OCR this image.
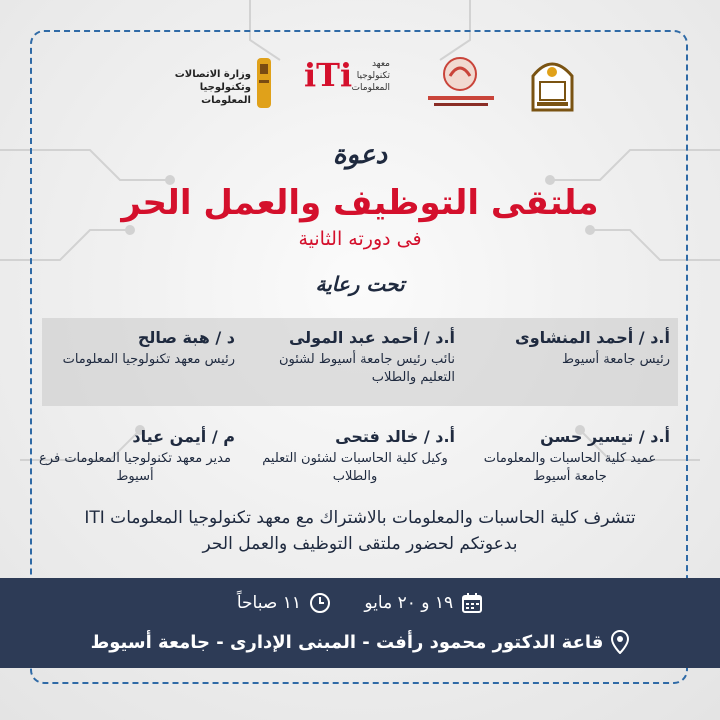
وزارة الاتصالات
وتكنولوجيا المعلومات
iTi	معهد
تكنولوجيا
المعلومات
دعوة
ملتقى التوظيف والعمل الحر
فى دورته الثانية
تحت رعاية
أ.د / أحمد المنشاوى
رئيس جامعة أسيوط
أ.د / أحمد عبد المولى
نائب رئيس جامعة أسيوط لشئون التعليم والطلاب
د / هبة صالح
رئيس معهد تكنولوجيا المعلومات
أ.د / تيسير حسن
عميد كلية الحاسبات والمعلومات جامعة أسيوط
أ.د / خالد فتحى
وكيل كلية الحاسبات لشئون التعليم والطلاب
م / أيمن عياد
مدير معهد تكنولوجيا المعلومات فرع أسيوط
تتشرف كلية الحاسبات والمعلومات بالاشتراك مع معهد تكنولوجيا المعلومات ITI بدعوتكم لحضور ملتقى التوظيف والعمل الحر
١٩ و ٢٠ مايو

١١ صباحاً
قاعة الدكتور محمود رأفت - المبنى الإدارى - جامعة أسيوط
